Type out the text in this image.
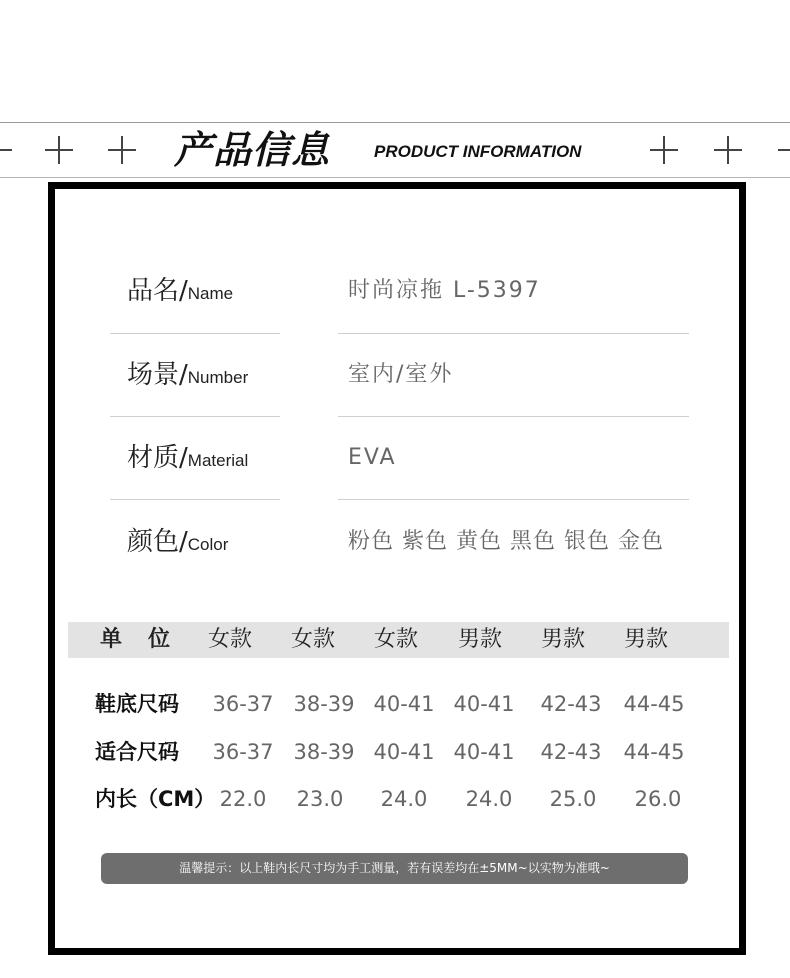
产品信息	PRODUCT INFORMATION
品名/Name	时尚凉拖 L-5397
场景/Number	室内/室外
材质/Material	EVA
颜色/Color	粉色 紫色 黄色 黑色 银色 金色
单位 女款 女款 女款 男款 男款 男款
鞋底尺码 36-37 38-39 40-41 40-41 42-43 44-45
适合尺码 36-37 38-39 40-41 40-41 42-43 44-45
内长（CM） 22.0 23.0 24.0 24.0 25.0 26.0
温馨提示：以上鞋内长尺寸均为手工测量，若有误差均在±5MM~以实物为准哦~
